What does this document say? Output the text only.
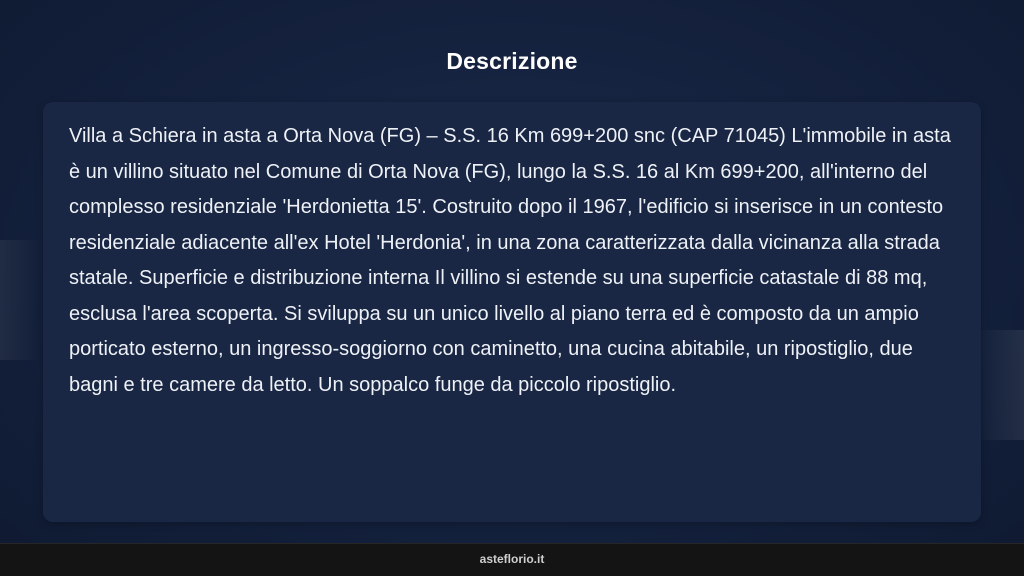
Descrizione

Villa a Schiera in asta a Orta Nova (FG) – S.S. 16 Km 699+200 snc (CAP 71045) L'immobile in asta è un villino situato nel Comune di Orta Nova (FG), lungo la S.S. 16 al Km 699+200, all'interno del complesso residenziale 'Herdonietta 15'. Costruito dopo il 1967, l'edificio si inserisce in un contesto residenziale adiacente all'ex Hotel 'Herdonia', in una zona caratterizzata dalla vicinanza alla strada statale. Superficie e distribuzione interna Il villino si estende su una superficie catastale di 88 mq, esclusa l'area scoperta. Si sviluppa su un unico livello al piano terra ed è composto da un ampio porticato esterno, un ingresso-soggiorno con caminetto, una cucina abitabile, un ripostiglio, due bagni e tre camere da letto. Un soppalco funge da piccolo ripostiglio.

asteflorio.it
